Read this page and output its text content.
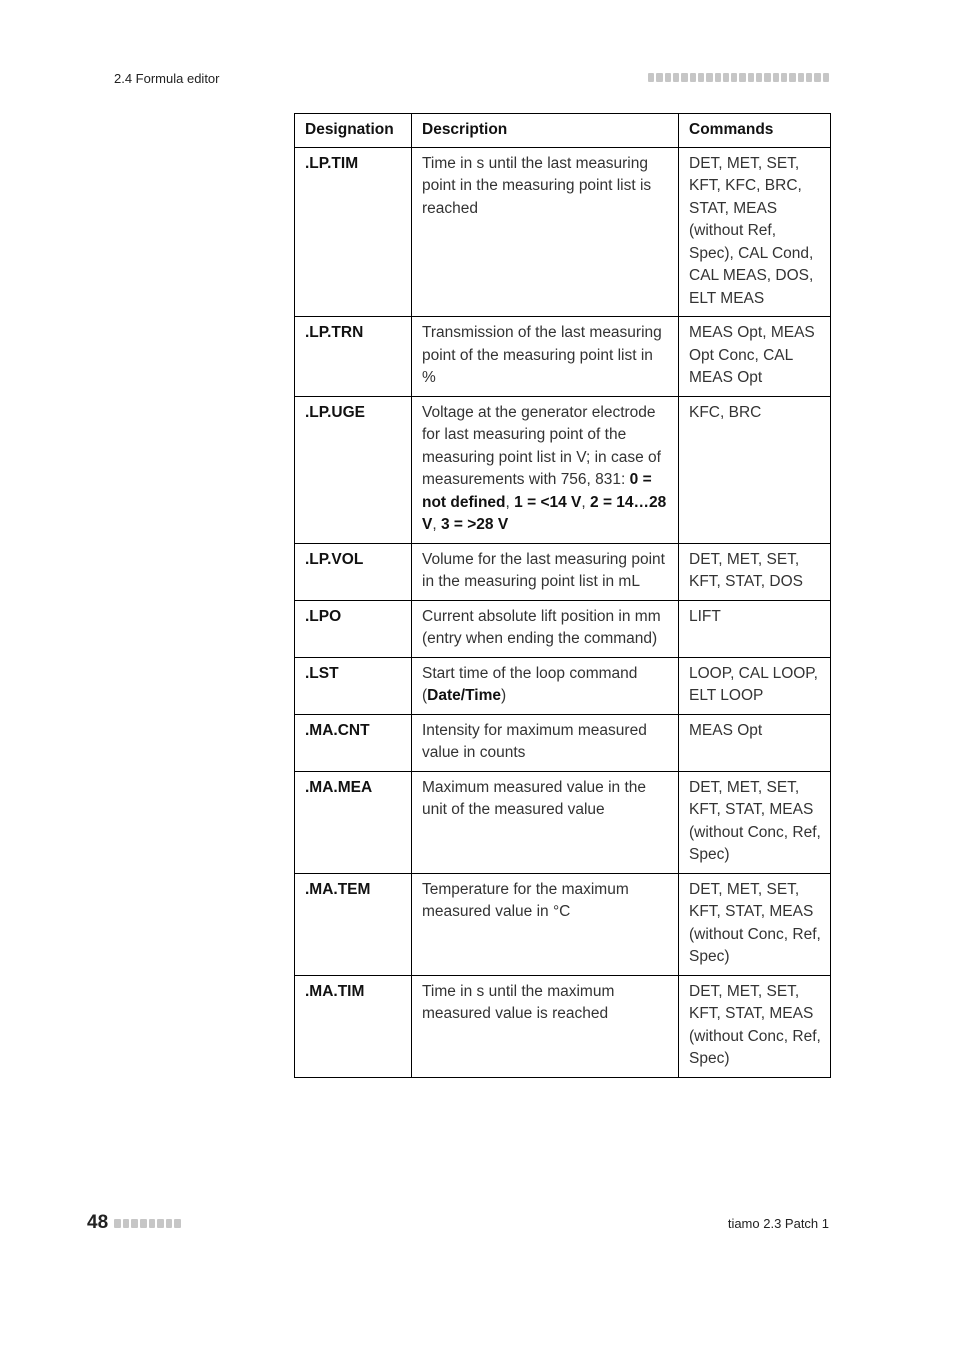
2.4 Formula editor
Designation	Description	Commands
.LP.TIM	Time in s until the last measuring point in the measuring point list is reached	DET, MET, SET, KFT, KFC, BRC, STAT, MEAS (without Ref, Spec), CAL Cond, CAL MEAS, DOS, ELT MEAS
.LP.TRN	Transmission of the last measuring point of the measuring point list in %	MEAS Opt, MEAS Opt Conc, CAL MEAS Opt
.LP.UGE	Voltage at the generator electrode for last measuring point of the measuring point list in V; in case of measurements with 756, 831: 0 = not defined, 1 = <14 V, 2 = 14…28 V, 3 = >28 V	KFC, BRC
.LP.VOL	Volume for the last measuring point in the measuring point list in mL	DET, MET, SET, KFT, STAT, DOS
.LPO	Current absolute lift position in mm (entry when ending the command)	LIFT
.LST	Start time of the loop command (Date/Time)	LOOP, CAL LOOP, ELT LOOP
.MA.CNT	Intensity for maximum measured value in counts	MEAS Opt
.MA.MEA	Maximum measured value in the unit of the measured value	DET, MET, SET, KFT, STAT, MEAS (without Conc, Ref, Spec)
.MA.TEM	Temperature for the maximum measured value in °C	DET, MET, SET, KFT, STAT, MEAS (without Conc, Ref, Spec)
.MA.TIM	Time in s until the maximum measured value is reached	DET, MET, SET, KFT, STAT, MEAS (without Conc, Ref, Spec)
48	tiamo 2.3 Patch 1
